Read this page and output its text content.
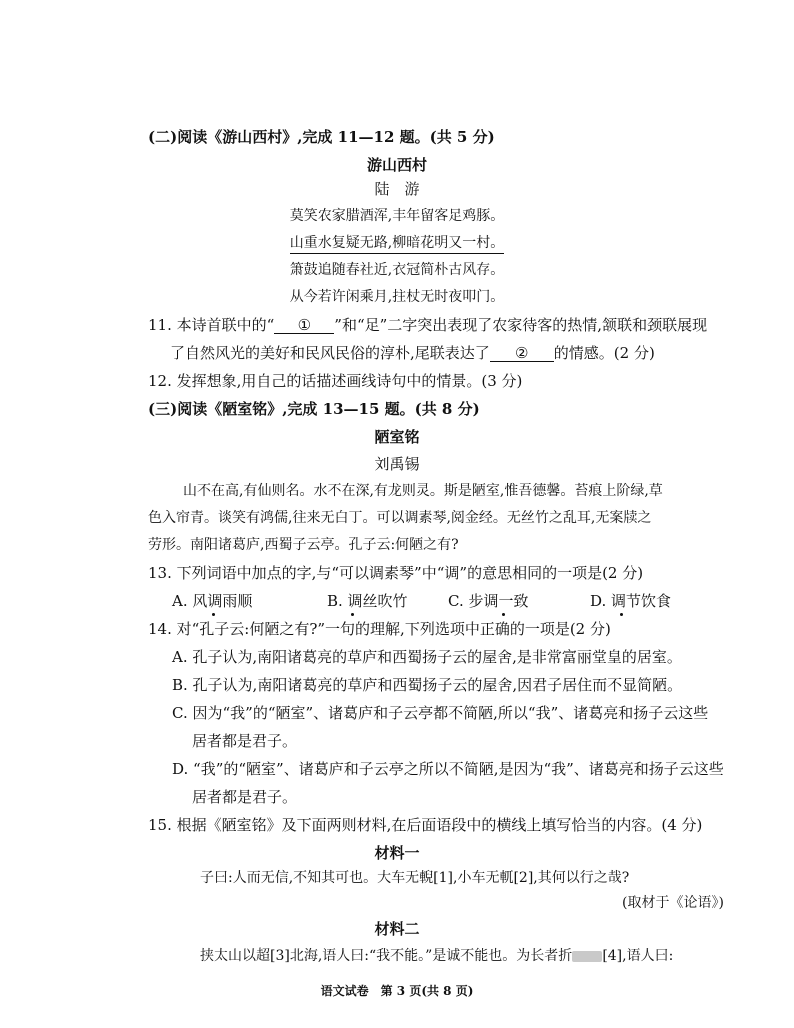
(二)阅读《游山西村》,完成 11—12 题。(共 5 分)
游山西村
陆　游
莫笑农家腊酒浑,丰年留客足鸡豚。
山重水复疑无路,柳暗花明又一村。
箫鼓追随春社近,衣冠简朴古风存。
从今若许闲乘月,拄杖无时夜叩门。
11. 本诗首联中的“ ① ”和“足”二字突出表现了农家待客的热情,颔联和颈联展现
了自然风光的美好和民风民俗的淳朴,尾联表达了 ② 的情感。(2 分)
12. 发挥想象,用自己的话描述画线诗句中的情景。(3 分)
(三)阅读《陋室铭》,完成 13—15 题。(共 8 分)
陋室铭
刘禹锡
山不在高,有仙则名。水不在深,有龙则灵。斯是陋室,惟吾德馨。苔痕上阶绿,草
色入帘青。谈笑有鸿儒,往来无白丁。可以调素琴,阅金经。无丝竹之乱耳,无案牍之
劳形。南阳诸葛庐,西蜀子云亭。孔子云:何陋之有?
13. 下列词语中加点的字,与“可以调素琴”中“调”的意思相同的一项是(2 分)
A. 风调雨顺	B. 调丝吹竹	C. 步调一致	D. 调节饮食
14. 对“孔子云:何陋之有?”一句的理解,下列选项中正确的一项是(2 分)
A. 孔子认为,南阳诸葛亮的草庐和西蜀扬子云的屋舍,是非常富丽堂皇的居室。
B. 孔子认为,南阳诸葛亮的草庐和西蜀扬子云的屋舍,因君子居住而不显简陋。
C. 因为“我”的“陋室”、诸葛庐和子云亭都不简陋,所以“我”、诸葛亮和扬子云这些
居者都是君子。
D. “我”的“陋室”、诸葛庐和子云亭之所以不简陋,是因为“我”、诸葛亮和扬子云这些
居者都是君子。
15. 根据《陋室铭》及下面两则材料,在后面语段中的横线上填写恰当的内容。(4 分)
材料一
子曰:人而无信,不知其可也。大车无輗[1],小车无軏[2],其何以行之哉?
(取材于《论语》)
材料二
挟太山以超[3]北海,语人曰:“我不能。”是诚不能也。为长者折 [4],语人曰:
语文试卷　第 3 页(共 8 页)
